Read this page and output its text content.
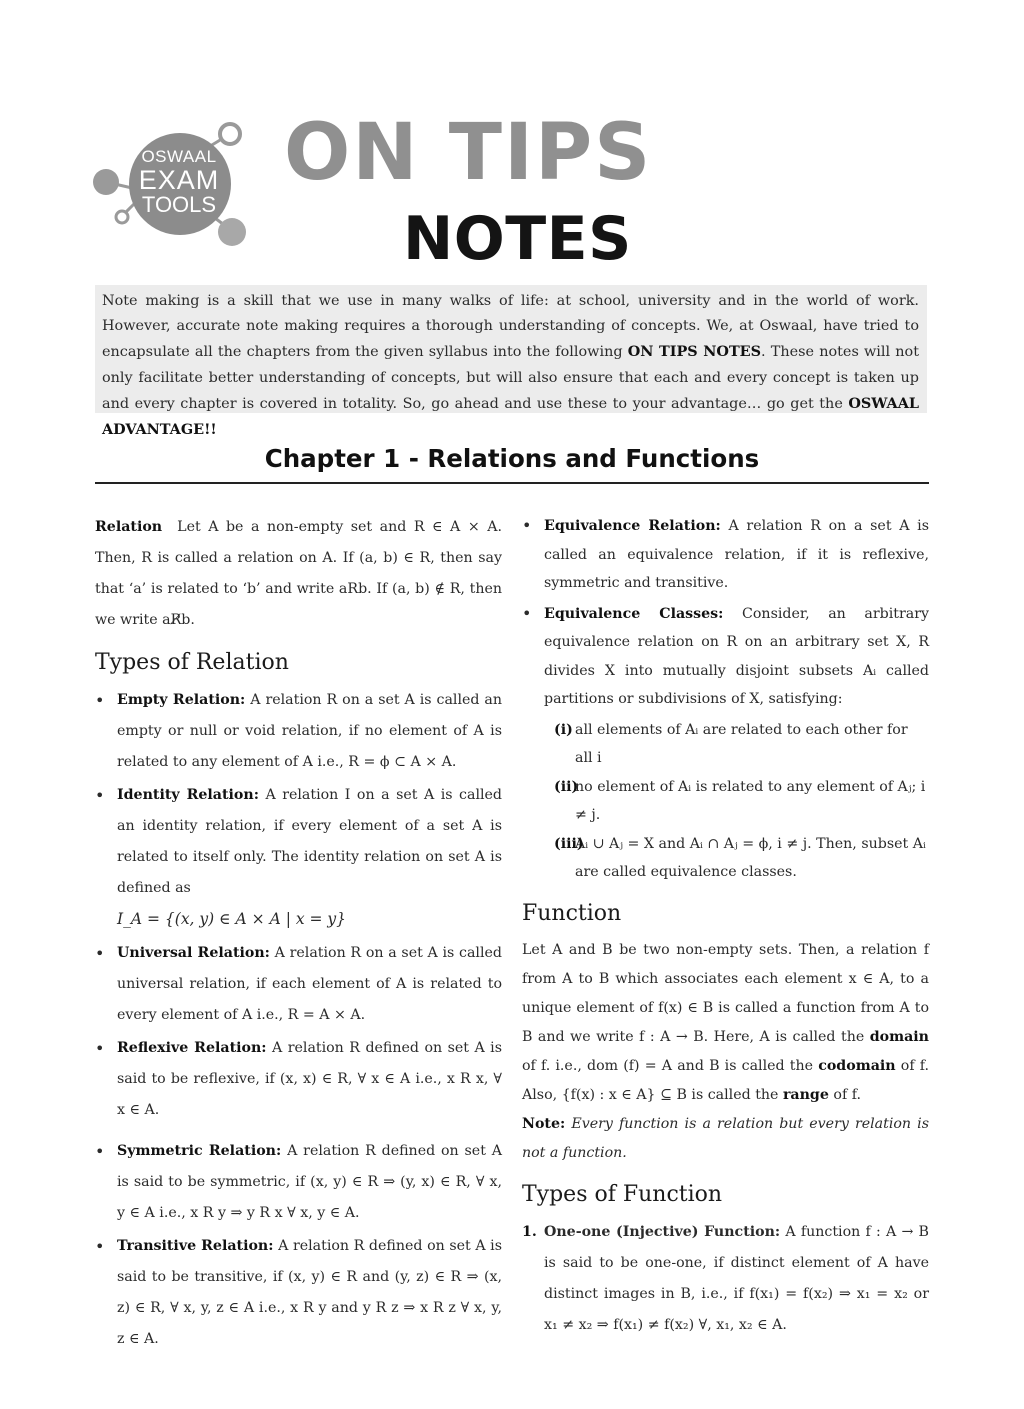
OSWAAL
EXAM
TOOLS
ON TIPS
NOTES
Note making is a skill that we use in many walks of life: at school, university and in the world of work. However, accurate note making requires a thorough understanding of concepts. We, at Oswaal, have tried to encapsulate all the chapters from the given syllabus into the following ON TIPS NOTES. These notes will not only facilitate better understanding of concepts, but will also ensure that each and every concept is taken up and every chapter is covered in totality. So, go ahead and use these to your advantage… go get the OSWAAL ADVANTAGE!!
Chapter 1 - Relations and Functions

Relation Let A be a non-empty set and R ∈ A × A. Then, R is called a relation on A. If (a, b) ∈ R, then say that ‘a’ is related to ‘b’ and write aRb. If (a, b) ∉ R, then we write aR̸b.

Types of Relation
• Empty Relation: A relation R on a set A is called an empty or null or void relation, if no element of A is related to any element of A i.e., R = ϕ ⊂ A × A.
• Identity Relation: A relation I on a set A is called an identity relation, if every element of a set A is related to itself only. The identity relation on set A is defined as
I_A = {(x, y) ∈ A × A | x = y}
• Universal Relation: A relation R on a set A is called universal relation, if each element of A is related to every element of A i.e., R = A × A.
• Reflexive Relation: A relation R defined on set A is said to be reflexive, if (x, x) ∈ R, ∀ x ∈ A i.e., x R x, ∀ x ∈ A.
• Symmetric Relation: A relation R defined on set A is said to be symmetric, if (x, y) ∈ R ⇒ (y, x) ∈ R, ∀ x, y ∈ A i.e., x R y ⇒ y R x ∀ x, y ∈ A.
• Transitive Relation: A relation R defined on set A is said to be transitive, if (x, y) ∈ R and (y, z) ∈ R ⇒ (x, z) ∈ R, ∀ x, y, z ∈ A i.e., x R y and y R z ⇒ x R z ∀ x, y, z ∈ A.
• Equivalence Relation: A relation R on a set A is called an equivalence relation, if it is reflexive, symmetric and transitive.
• Equivalence Classes: Consider, an arbitrary equivalence relation on R on an arbitrary set X, R divides X into mutually disjoint subsets Aᵢ called partitions or subdivisions of X, satisfying:
(i) all elements of Aᵢ are related to each other for all i
(ii)
no element of Aᵢ is related to any element of Aⱼ; i ≠ j.
(iii)
Aᵢ ∪ Aⱼ = X and Aᵢ ∩ Aⱼ = ϕ, i ≠ j. Then, subset Aᵢ are called equivalence classes.
Function

Let A and B be two non-empty sets. Then, a relation f from A to B which associates each element x ∈ A, to a unique element of f(x) ∈ B is called a function from A to B and we write f : A → B. Here, A is called the domain of f. i.e., dom (f) = A and B is called the codomain of f. Also, {f(x) : x ∈ A} ⊆ B is called the range of f.

Note: Every function is a relation but every relation is not a function.

Types of Function
1. One-one (Injective) Function: A function f : A → B is said to be one-one, if distinct element of A have distinct images in B, i.e., if f(x₁) = f(x₂) ⇒ x₁ = x₂ or x₁ ≠ x₂ ⇒ f(x₁) ≠ f(x₂) ∀, x₁, x₂ ∈ A.
